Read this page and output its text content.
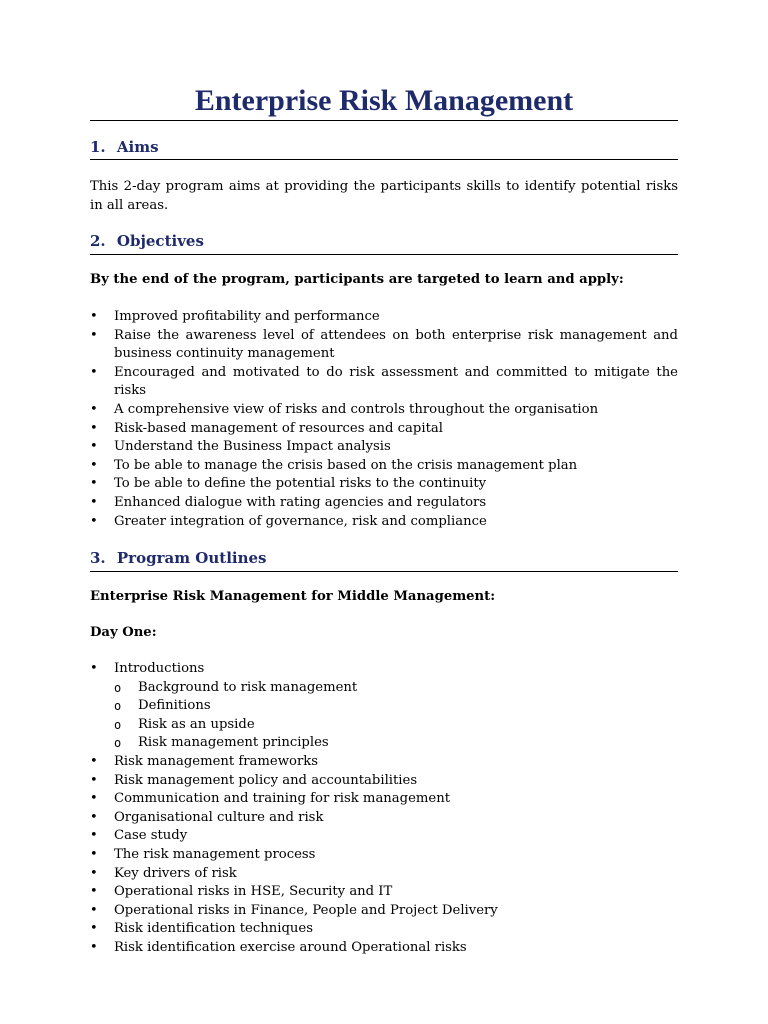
Enterprise Risk Management
1. Aims
This 2-day program aims at providing the participants skills to identify potential risks in all areas.
2. Objectives
By the end of the program, participants are targeted to learn and apply:
• Improved profitability and performance
• Raise the awareness level of attendees on both enterprise risk management and business continuity management
• Encouraged and motivated to do risk assessment and committed to mitigate the risks
• A comprehensive view of risks and controls throughout the organisation
• Risk-based management of resources and capital
• Understand the Business Impact analysis
• To be able to manage the crisis based on the crisis management plan
• To be able to define the potential risks to the continuity
• Enhanced dialogue with rating agencies and regulators
• Greater integration of governance, risk and compliance
3. Program Outlines
Enterprise Risk Management for Middle Management:
Day One:
• Introductions
o Background to risk management
o Definitions
o Risk as an upside
o Risk management principles
• Risk management frameworks
• Risk management policy and accountabilities
• Communication and training for risk management
• Organisational culture and risk
• Case study
• The risk management process
• Key drivers of risk
• Operational risks in HSE, Security and IT
• Operational risks in Finance, People and Project Delivery
• Risk identification techniques
• Risk identification exercise around Operational risks
